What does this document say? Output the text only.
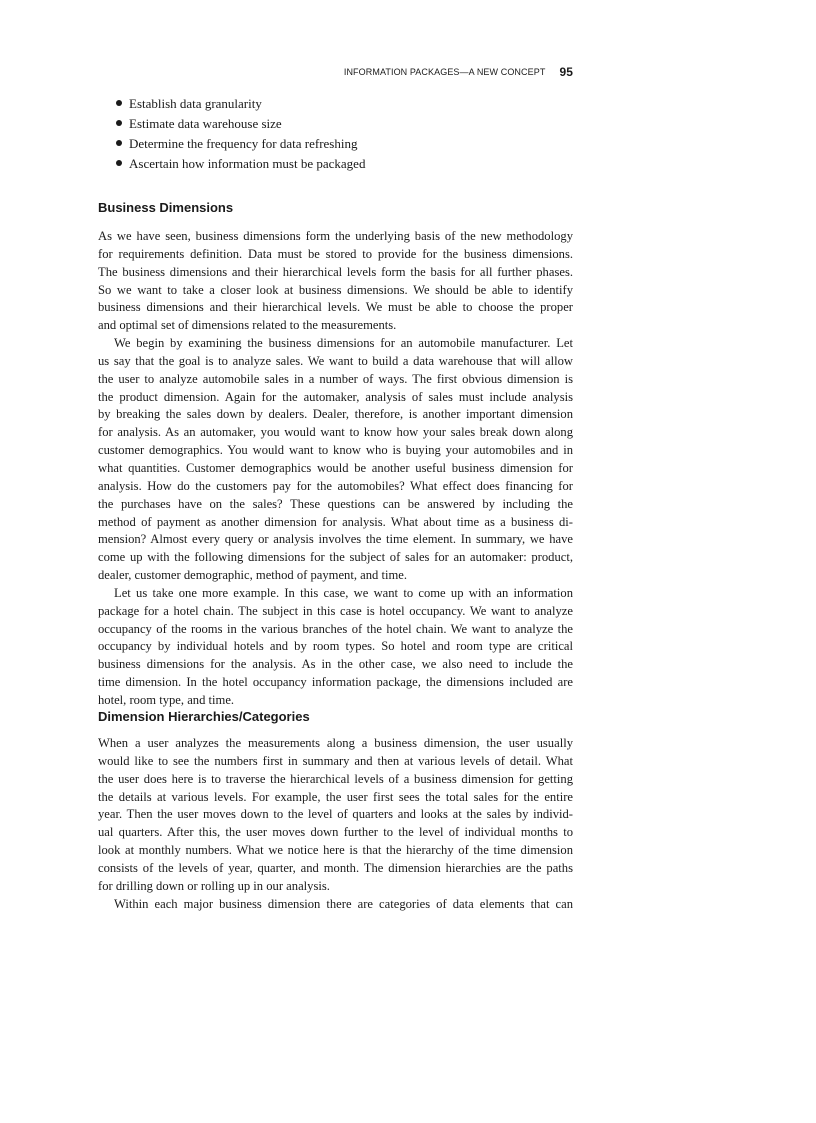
INFORMATION PACKAGES—A NEW CONCEPT 95
Establish data granularity
Estimate data warehouse size
Determine the frequency for data refreshing
Ascertain how information must be packaged
Business Dimensions
As we have seen, business dimensions form the underlying basis of the new methodology
for requirements definition. Data must be stored to provide for the business dimensions.
The business dimensions and their hierarchical levels form the basis for all further phases.
So we want to take a closer look at business dimensions. We should be able to identify
business dimensions and their hierarchical levels. We must be able to choose the proper
and optimal set of dimensions related to the measurements.
We begin by examining the business dimensions for an automobile manufacturer. Let
us say that the goal is to analyze sales. We want to build a data warehouse that will allow
the user to analyze automobile sales in a number of ways. The first obvious dimension is
the product dimension. Again for the automaker, analysis of sales must include analysis
by breaking the sales down by dealers. Dealer, therefore, is another important dimension
for analysis. As an automaker, you would want to know how your sales break down along
customer demographics. You would want to know who is buying your automobiles and in
what quantities. Customer demographics would be another useful business dimension for
analysis. How do the customers pay for the automobiles? What effect does financing for
the purchases have on the sales? These questions can be answered by including the
method of payment as another dimension for analysis. What about time as a business di-
mension? Almost every query or analysis involves the time element. In summary, we have
come up with the following dimensions for the subject of sales for an automaker: product,
dealer, customer demographic, method of payment, and time.
Let us take one more example. In this case, we want to come up with an information
package for a hotel chain. The subject in this case is hotel occupancy. We want to analyze
occupancy of the rooms in the various branches of the hotel chain. We want to analyze the
occupancy by individual hotels and by room types. So hotel and room type are critical
business dimensions for the analysis. As in the other case, we also need to include the
time dimension. In the hotel occupancy information package, the dimensions included are
hotel, room type, and time.
Dimension Hierarchies/Categories
When a user analyzes the measurements along a business dimension, the user usually
would like to see the numbers first in summary and then at various levels of detail. What
the user does here is to traverse the hierarchical levels of a business dimension for getting
the details at various levels. For example, the user first sees the total sales for the entire
year. Then the user moves down to the level of quarters and looks at the sales by individ-
ual quarters. After this, the user moves down further to the level of individual months to
look at monthly numbers. What we notice here is that the hierarchy of the time dimension
consists of the levels of year, quarter, and month. The dimension hierarchies are the paths
for drilling down or rolling up in our analysis.
Within each major business dimension there are categories of data elements that can
